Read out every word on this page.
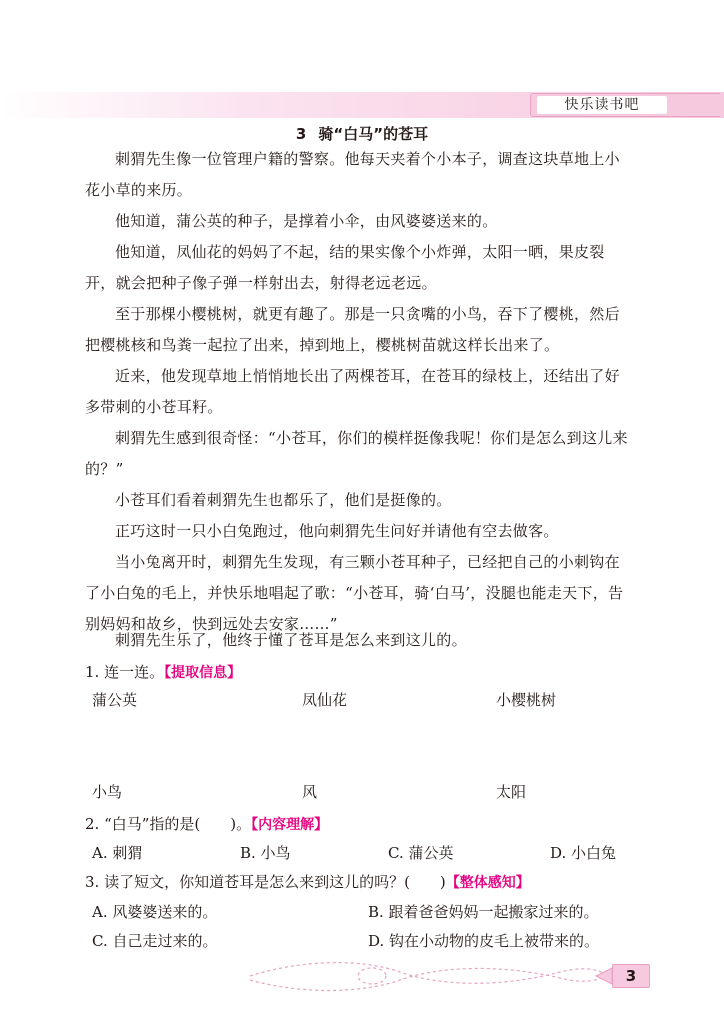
快乐读书吧
3 骑“白马”的苍耳
刺猬先生像一位管理户籍的警察。他每天夹着个小本子，调查这块草地上小花小草的来历。
他知道，蒲公英的种子，是撑着小伞，由风婆婆送来的。
他知道，凤仙花的妈妈了不起，结的果实像个小炸弹，太阳一晒，果皮裂开，就会把种子像子弹一样射出去，射得老远老远。
至于那棵小樱桃树，就更有趣了。那是一只贪嘴的小鸟，吞下了樱桃，然后把樱桃核和鸟粪一起拉了出来，掉到地上，樱桃树苗就这样长出来了。
近来，他发现草地上悄悄地长出了两棵苍耳，在苍耳的绿枝上，还结出了好多带刺的小苍耳籽。
刺猬先生感到很奇怪：“小苍耳，你们的模样挺像我呢！你们是怎么到这儿来的？”
小苍耳们看着刺猬先生也都乐了，他们是挺像的。
正巧这时一只小白兔跑过，他向刺猬先生问好并请他有空去做客。
当小兔离开时，刺猬先生发现，有三颗小苍耳种子，已经把自己的小刺钩在了小白兔的毛上，并快乐地唱起了歌：“小苍耳，骑‘白马’，没腿也能走天下，告别妈妈和故乡，快到远处去安家……”
刺猬先生乐了，他终于懂了苍耳是怎么来到这儿的。
1. 连一连。【提取信息】
蒲公英	凤仙花	小樱桃树
小鸟	风	太阳
2. “白马”指的是(　　)。【内容理解】
A. 刺猬	B. 小鸟	C. 蒲公英	D. 小白兔
3. 读了短文，你知道苍耳是怎么来到这儿的吗？(　　)【整体感知】
A. 风婆婆送来的。	B. 跟着爸爸妈妈一起搬家过来的。
C. 自己走过来的。	D. 钩在小动物的皮毛上被带来的。
3
